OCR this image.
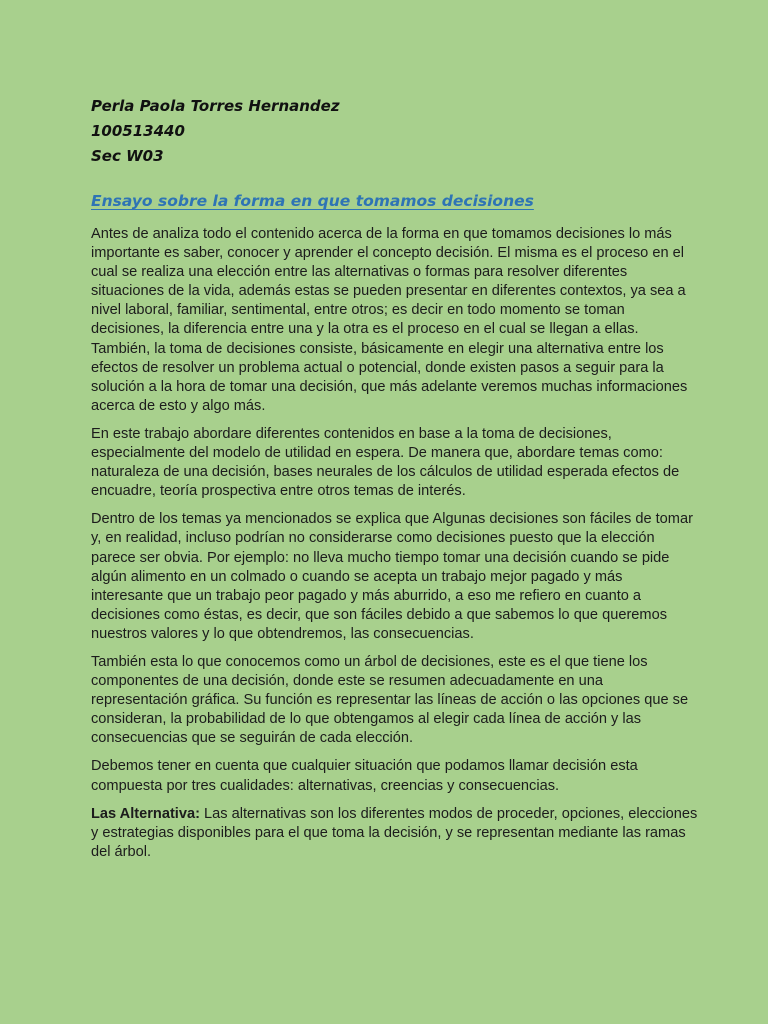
Perla Paola Torres Hernandez

100513440

Sec W03

Ensayo sobre la forma en que tomamos decisiones

Antes de analiza todo el contenido acerca de la forma en que tomamos decisiones lo más importante es saber, conocer y aprender el concepto decisión. El misma es el proceso en el cual se realiza una elección entre las alternativas o formas para resolver diferentes situaciones de la vida, además estas se pueden presentar en diferentes contextos, ya sea a nivel laboral, familiar, sentimental, entre otros; es decir en todo momento se toman decisiones, la diferencia entre una y la otra es el proceso en el cual se llegan a ellas. También, la toma de decisiones consiste, básicamente en elegir una alternativa entre los efectos de resolver un problema actual o potencial, donde existen pasos a seguir para la solución a la hora de tomar una decisión, que más adelante veremos muchas informaciones acerca de esto y algo más.

En este trabajo abordare diferentes contenidos en base a la toma de decisiones, especialmente del modelo de utilidad en espera. De manera que, abordare temas como: naturaleza de una decisión, bases neurales de los cálculos de utilidad esperada efectos de encuadre, teoría prospectiva entre otros temas de interés.

Dentro de los temas ya mencionados se explica que Algunas decisiones son fáciles de tomar y, en realidad, incluso podrían no considerarse como decisiones puesto que la elección parece ser obvia. Por ejemplo: no lleva mucho tiempo tomar una decisión cuando se pide algún alimento en un colmado o cuando se acepta un trabajo mejor pagado y más interesante que un trabajo peor pagado y más aburrido, a eso me refiero en cuanto a decisiones como éstas, es decir, que son fáciles debido a que sabemos lo que queremos nuestros valores y lo que obtendremos, las consecuencias.

También esta lo que conocemos como un árbol de decisiones, este es el que tiene los componentes de una decisión, donde este se resumen adecuadamente en una representación gráfica. Su función es representar las líneas de acción o las opciones que se consideran, la probabilidad de lo que obtengamos al elegir cada línea de acción y las consecuencias que se seguirán de cada elección.

Debemos tener en cuenta que cualquier situación que podamos llamar decisión esta compuesta por tres cualidades: alternativas, creencias y consecuencias.

Las Alternativa: Las alternativas son los diferentes modos de proceder, opciones, elecciones y estrategias disponibles para el que toma la decisión, y se representan mediante las ramas del árbol.
